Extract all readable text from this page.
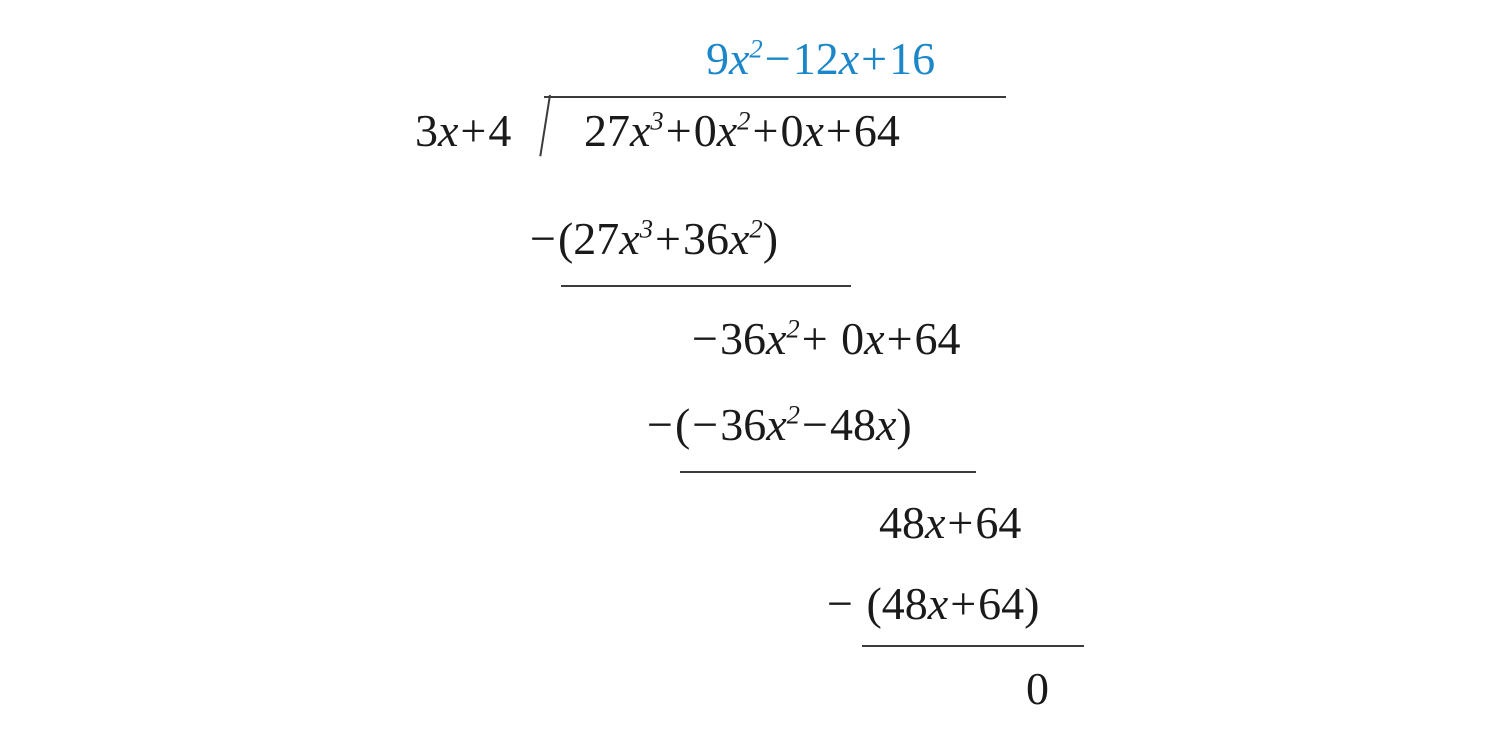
$9x^2-12x+16$
3x+4 $27x^3+0x^2+0x+64$
$-(27x^3+36x^2)$
$-36x^2+ 0x+64$
$-(-36x^2-48x)$
48x+64
− (48x+64)
0
